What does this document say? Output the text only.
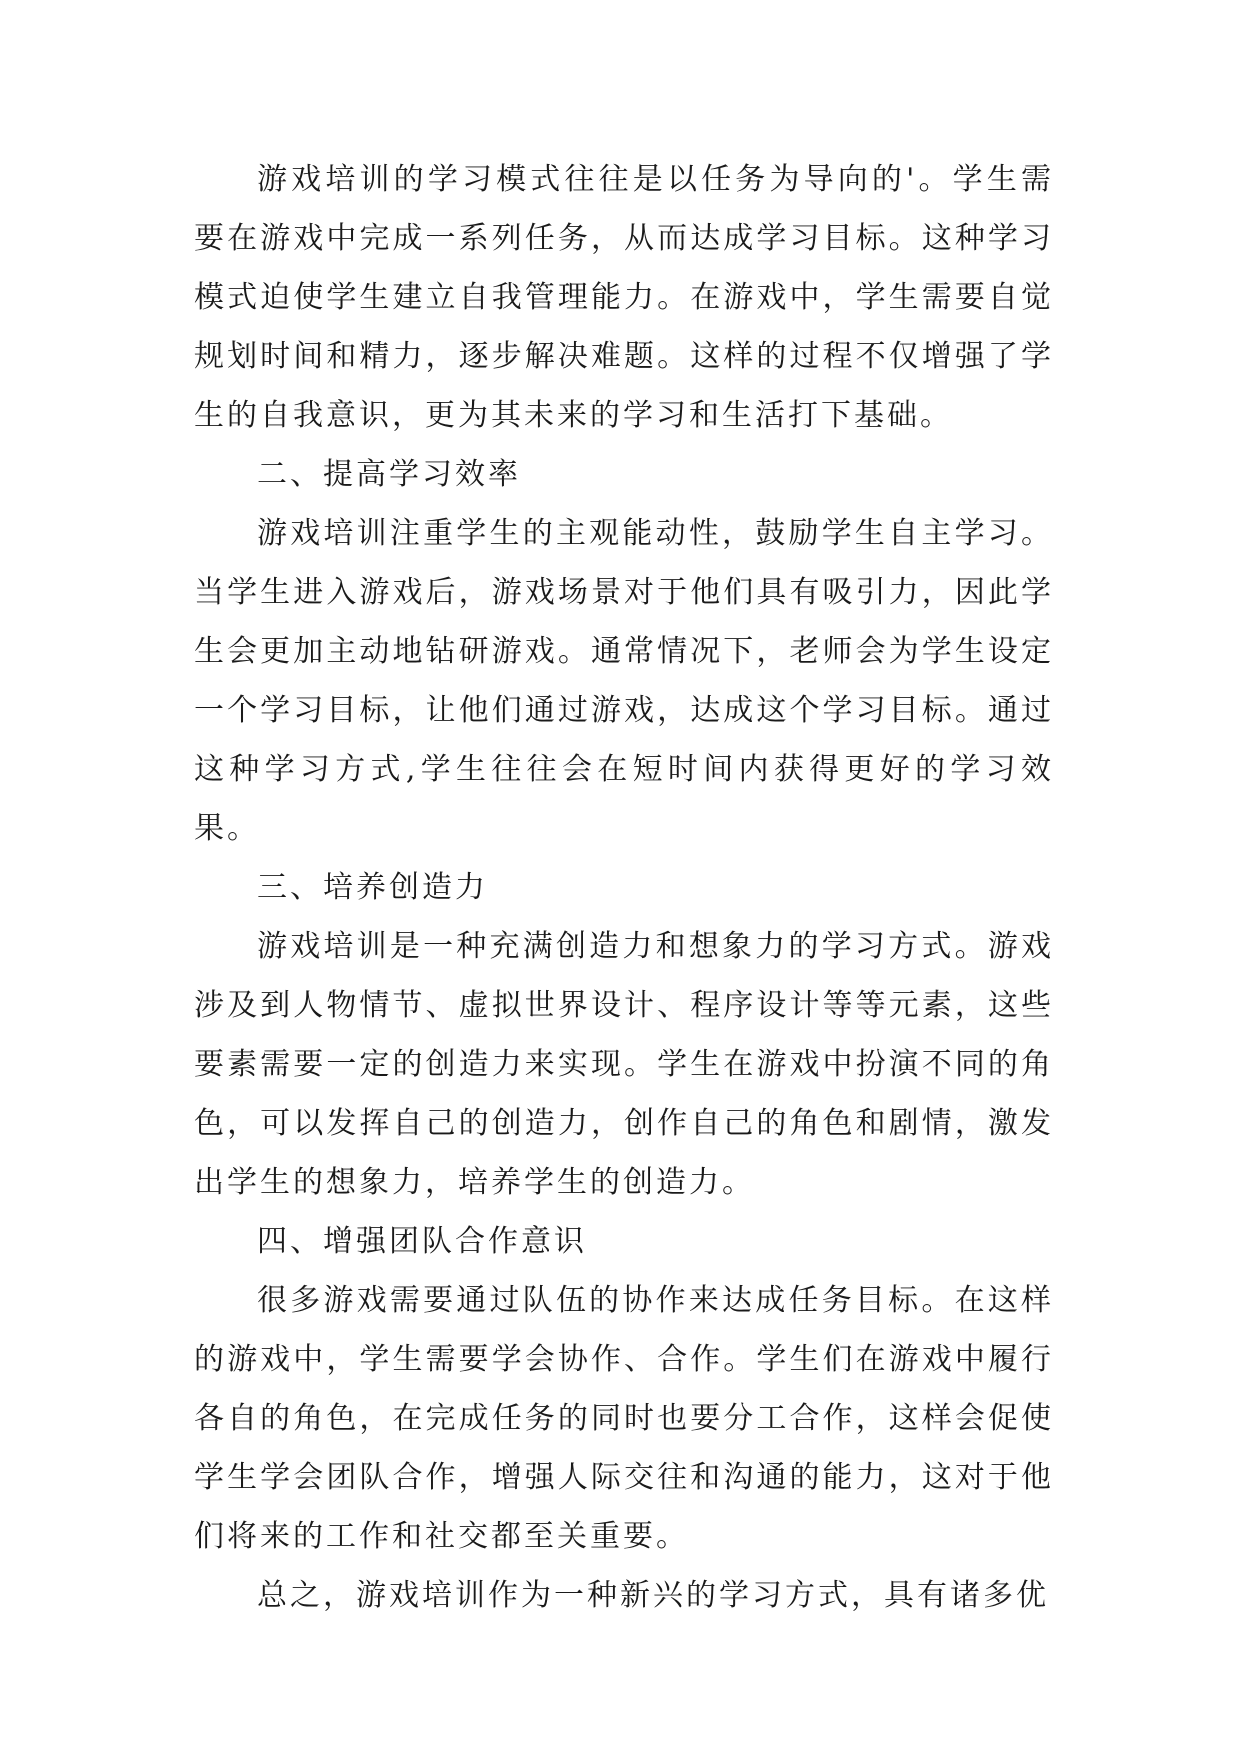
游戏培训的学习模式往往是以任务为导向的'。学生需要在游戏中完成一系列任务，从而达成学习目标。这种学习模式迫使学生建立自我管理能力。在游戏中，学生需要自觉规划时间和精力，逐步解决难题。这样的过程不仅增强了学生的自我意识，更为其未来的学习和生活打下基础。

二、提高学习效率

游戏培训注重学生的主观能动性，鼓励学生自主学习。当学生进入游戏后，游戏场景对于他们具有吸引力，因此学生会更加主动地钻研游戏。通常情况下，老师会为学生设定一个学习目标，让他们通过游戏，达成这个学习目标。通过这种学习方式,学生往往会在短时间内获得更好的学习效果。

三、培养创造力

游戏培训是一种充满创造力和想象力的学习方式。游戏涉及到人物情节、虚拟世界设计、程序设计等等元素，这些要素需要一定的创造力来实现。学生在游戏中扮演不同的角色，可以发挥自己的创造力，创作自己的角色和剧情，激发出学生的想象力，培养学生的创造力。

四、增强团队合作意识

很多游戏需要通过队伍的协作来达成任务目标。在这样的游戏中，学生需要学会协作、合作。学生们在游戏中履行各自的角色，在完成任务的同时也要分工合作，这样会促使学生学会团队合作，增强人际交往和沟通的能力，这对于他们将来的工作和社交都至关重要。

总之，游戏培训作为一种新兴的学习方式，具有诸多优
